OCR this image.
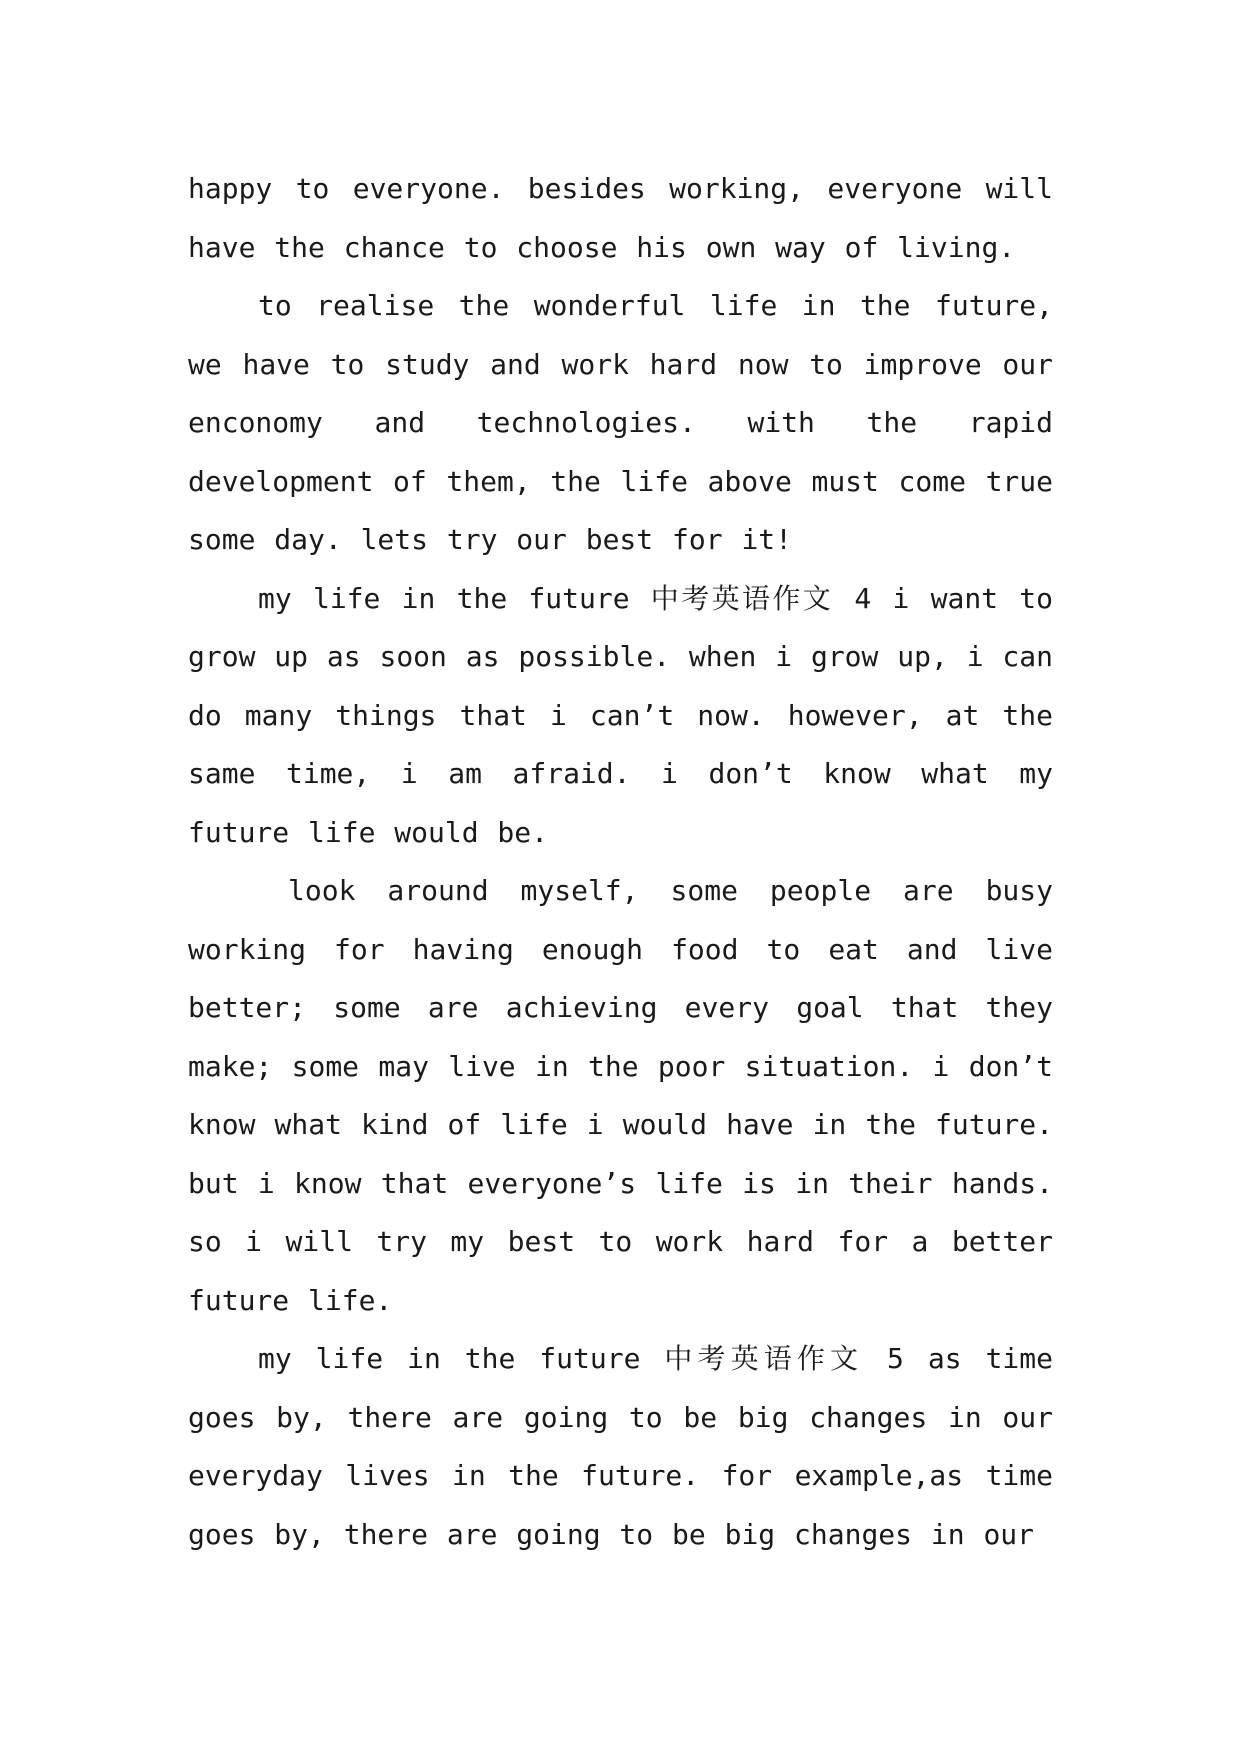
happy to everyone. besides working, everyone will have the chance to choose his own way of living.

to realise the wonderful life in the future, we have to study and work hard now to improve our enconomy and technologies. with the rapid development of them, the life above must come true some day. lets try our best for it!

my life in the future 中考英语作文 4 i want to grow up as soon as possible. when i grow up, i can do many things that i can’t now. however, at the same time, i am afraid. i don’t know what my future life would be.

look around myself, some people are busy working for having enough food to eat and live better; some are achieving every goal that they make; some may live in the poor situation. i don’t know what kind of life i would have in the future. but i know that everyone’s life is in their hands. so i will try my best to work hard for a better future life.

my life in the future 中考英语作文 5 as time goes by, there are going to be big changes in our everyday lives in the future. for example,as time goes by, there are going to be big changes in our
